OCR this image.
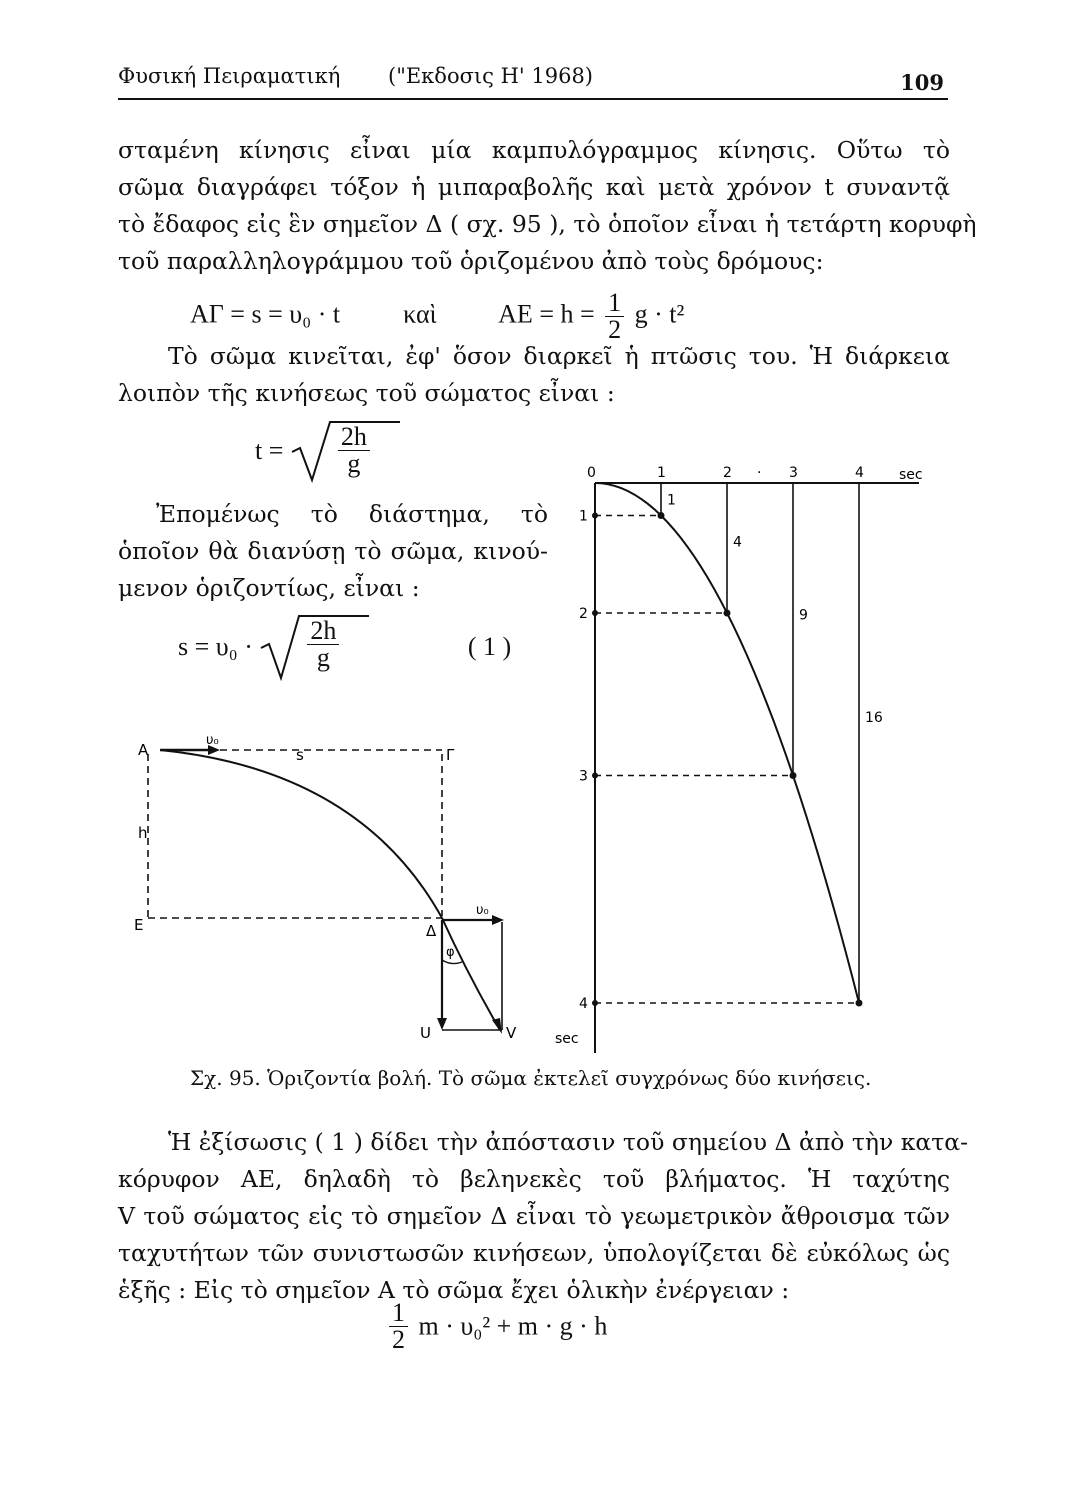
Φυσική Πειραματική ("Εκδοσις Η' 1968)	109

σταμένη κίνησις εἶναι μία καμπυλόγραμμος κίνησις. Οὕτω τὸ
σῶμα διαγράφει τόξον ἡ μιπαραβολῆς καὶ μετὰ χρόνον t συναντᾷ
τὸ ἔδαφος εἰς ἓν σημεῖον Δ ( σχ. 95 ), τὸ ὁποῖον εἶναι ἡ τετάρτη κορυφὴ
τοῦ παραλληλογράμμου τοῦ ὁριζομένου ἀπὸ τοὺς δρόμους:

ΑΓ = s = υ₀ · t καὶ $AE = h = \frac{1}{2}$ g · t²

Τὸ σῶμα κινεῖται, ἐφ' ὅσον διαρκεῖ ἡ πτῶσις του. Ἡ διάρκεια
λοιπὸν τῆς κινήσεως τοῦ σώματος εἶναι :

$t = \frac{2h}{g}$

Ἐπομένως τὸ διάστημα, τὸ
ὁποῖον θὰ διανύσῃ τὸ σῶμα, κινού-
μενον ὁριζοντίως, εἶναι :

$s = \upsilon_0 \cdot \frac{2h}{g}$	( 1 )
Α	Γ
Ε	Δ
s
h
υ₀
υ₀
φ
U	V
0	1	2	3	4
·	sec
1
1
2
4
3
9
4
16
sec
Σχ. 95. Ὁριζοντία βολή. Τὸ σῶμα ἐκτελεῖ συγχρόνως δύο κινήσεις.

Ἡ ἐξίσωσις ( 1 ) δίδει τὴν ἀπόστασιν τοῦ σημείου Δ ἀπὸ τὴν κατα-
κόρυφον ΑΕ, δηλαδὴ τὸ βεληνεκὲς τοῦ βλήματος. Ἡ ταχύτης
V τοῦ σώματος εἰς τὸ σημεῖον Δ εἶναι τὸ γεωμετρικὸν ἄθροισμα τῶν
ταχυτήτων τῶν συνιστωσῶν κινήσεων, ὑπολογίζεται δὲ εὐκόλως ὡς
ἑξῆς : Εἰς τὸ σημεῖον Α τὸ σῶμα ἔχει ὁλικὴν ἐνέργειαν :

$\frac{1}{2}$ m · υ₀² + m · g · h
